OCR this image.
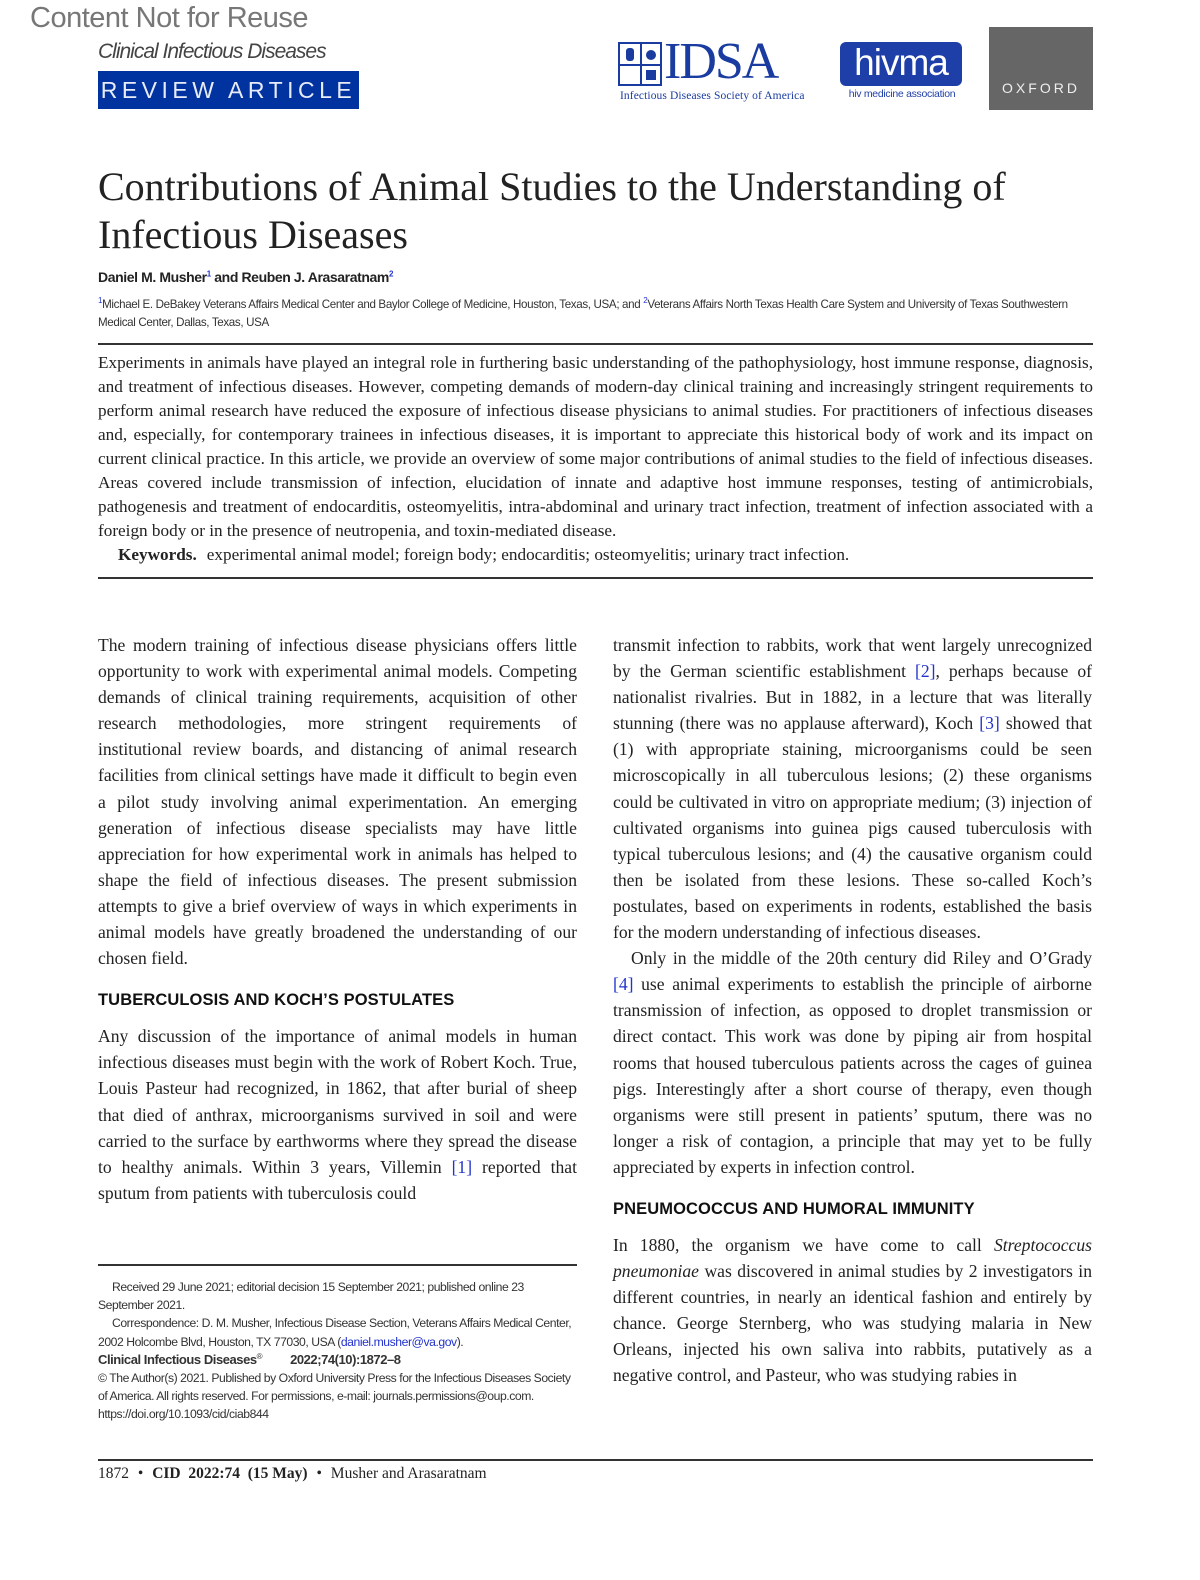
Content Not for Reuse
Clinical Infectious Diseases
REVIEW ARTICLE	IDSA
Infectious Diseases Society of America
hivma
hiv medicine association	OXFORD
Contributions of Animal Studies to the Understanding of Infectious Diseases
Daniel M. Musher$^1$ and Reuben J. Arasaratnam$^2$
$^1$Michael E. DeBakey Veterans Affairs Medical Center and Baylor College of Medicine, Houston, Texas, USA; and $^2$Veterans Affairs North Texas Health Care System and University of Texas Southwestern Medical Center, Dallas, Texas, USA
Experiments in animals have played an integral role in furthering basic understanding of the pathophysiology, host immune response, diagnosis, and treatment of infectious diseases. However, competing demands of modern-day clinical training and increasingly stringent requirements to perform animal research have reduced the exposure of infectious disease physicians to animal studies. For practitioners of infectious diseases and, especially, for contemporary trainees in infectious diseases, it is important to appreciate this historical body of work and its impact on current clinical practice. In this article, we provide an overview of some major contributions of animal studies to the field of infectious diseases. Areas covered include transmission of infection, elucidation of innate and adaptive host immune responses, testing of antimicrobials, pathogenesis and treatment of endocarditis, osteomyelitis, intra-abdominal and urinary tract infection, treatment of infection associated with a foreign body or in the presence of neutropenia, and toxin-mediated disease.
Keywords. experimental animal model; foreign body; endocarditis; osteomyelitis; urinary tract infection.

The modern training of infectious disease physicians offers little opportunity to work with experimental animal models. Competing demands of clinical training requirements, acquisition of other research methodologies, more stringent requirements of institutional review boards, and distancing of animal research facilities from clinical settings have made it difficult to begin even a pilot study involving animal experimentation. An emerging generation of infectious disease specialists may have little appreciation for how experimental work in animals has helped to shape the field of infectious diseases. The present submission attempts to give a brief overview of ways in which experiments in animal models have greatly broadened the understanding of our chosen field.

TUBERCULOSIS AND KOCH’S POSTULATES

Any discussion of the importance of animal models in human infectious diseases must begin with the work of Robert Koch. True, Louis Pasteur had recognized, in 1862, that after burial of sheep that died of anthrax, microorganisms survived in soil and were carried to the surface by earthworms where they spread the disease to healthy animals. Within 3 years, Villemin [1] reported that sputum from patients with tuberculosis could

transmit infection to rabbits, work that went largely unrecognized by the German scientific establishment [2], perhaps because of nationalist rivalries. But in 1882, in a lecture that was literally stunning (there was no applause afterward), Koch [3] showed that (1) with appropriate staining, microorganisms could be seen microscopically in all tuberculous lesions; (2) these organisms could be cultivated in vitro on appropriate medium; (3) injection of cultivated organisms into guinea pigs caused tuberculosis with typical tuberculous lesions; and (4) the causative organism could then be isolated from these lesions. These so-called Koch’s postulates, based on experiments in rodents, established the basis for the modern understanding of infectious diseases.

Only in the middle of the 20th century did Riley and O’Grady [4] use animal experiments to establish the principle of airborne transmission of infection, as opposed to droplet transmission or direct contact. This work was done by piping air from hospital rooms that housed tuberculous patients across the cages of guinea pigs. Interestingly after a short course of therapy, even though organisms were still present in patients’ sputum, there was no longer a risk of contagion, a principle that may yet to be fully appreciated by experts in infection control.

PNEUMOCOCCUS AND HUMORAL IMMUNITY

In 1880, the organism we have come to call Streptococcus pneumoniae was discovered in animal studies by 2 investigators in different countries, in nearly an identical fashion and entirely by chance. George Sternberg, who was studying malaria in New Orleans, injected his own saliva into rabbits, putatively as a negative control, and Pasteur, who was studying rabies in

Received 29 June 2021; editorial decision 15 September 2021; published online 23 September 2021.
Correspondence: D. M. Musher, Infectious Disease Section, Veterans Affairs Medical Center, 2002 Holcombe Blvd, Houston, TX 77030, USA (daniel.musher@va.gov).
Clinical Infectious Diseases® 2022;74(10):1872–8
© The Author(s) 2021. Published by Oxford University Press for the Infectious Diseases Society of America. All rights reserved. For permissions, e-mail: journals.permissions@oup.com.
https://doi.org/10.1093/cid/ciab844
1872 • CID  2022:74  (15 May) • Musher and Arasaratnam
